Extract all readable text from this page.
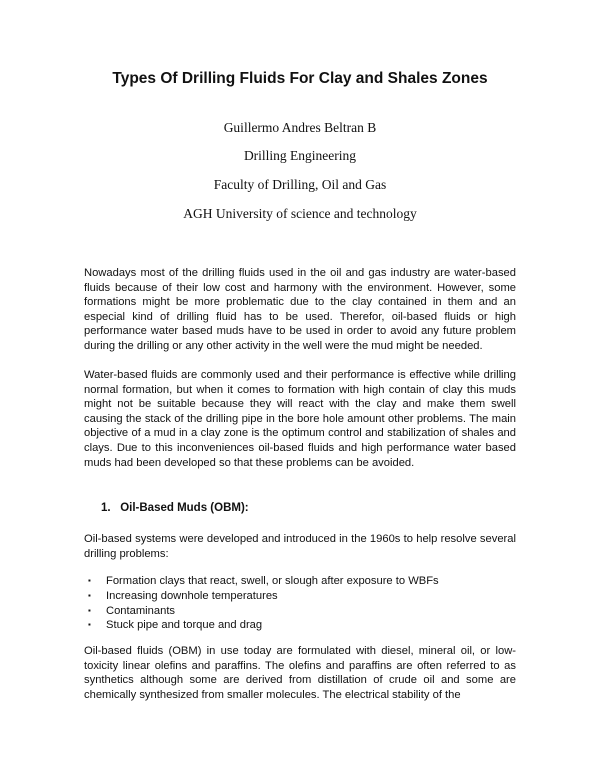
Types Of Drilling Fluids For Clay and Shales Zones
Guillermo Andres Beltran B
Drilling Engineering
Faculty of Drilling, Oil and Gas
AGH University of science and technology
Nowadays most of the drilling fluids used in the oil and gas industry are water-based fluids because of their low cost and harmony with the environment. However, some formations might be more problematic due to the clay contained in them and an especial kind of drilling fluid has to be used. Therefor, oil-based fluids or high performance water based muds have to be used in order to avoid any future problem during the drilling or any other activity in the well were the mud might be needed.
Water-based fluids are commonly used and their performance is effective while drilling normal formation, but when it comes to formation with high contain of clay this muds might not be suitable because they will react with the clay and make them swell causing the stack of the drilling pipe in the bore hole amount other problems. The main objective of a mud in a clay zone is the optimum control and stabilization of shales and clays. Due to this inconveniences oil-based fluids and high performance water based muds had been developed so that these problems can be avoided.
1. Oil-Based Muds (OBM):
Oil-based systems were developed and introduced in the 1960s to help resolve several drilling problems:
▪ Formation clays that react, swell, or slough after exposure to WBFs
▪ Increasing downhole temperatures
▪ Contaminants
▪ Stuck pipe and torque and drag
Oil-based fluids (OBM) in use today are formulated with diesel, mineral oil, or low-toxicity linear olefins and paraffins. The olefins and paraffins are often referred to as synthetics although some are derived from distillation of crude oil and some are chemically synthesized from smaller molecules. The electrical stability of the
